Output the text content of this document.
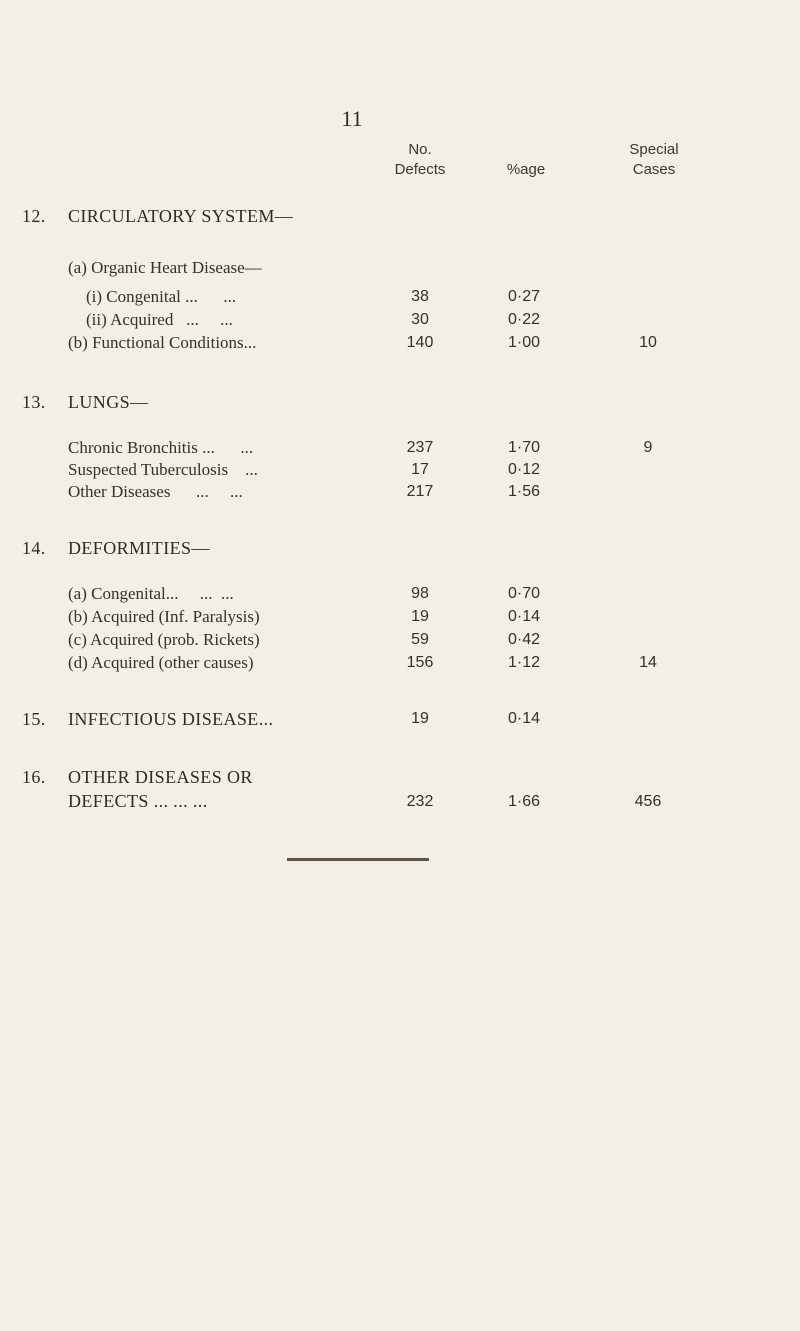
11
No.
Defects	%age
Special
Cases
12. CIRCULATORY SYSTEM—
(a) Organic Heart Disease—
(i) Congenital ...      ...	38	0·27
(ii) Acquired   ...     ...	30	0·22
(b) Functional Conditions...	140	1·00	10
13. LUNGS—
Chronic Bronchitis ...      ...	237	1·70	9
Suspected Tuberculosis    ...	17	0·12
Other Diseases      ...     ...	217	1·56
14. DEFORMITIES—
(a) Congenital...     ...  ...	98	0·70
(b) Acquired (Inf. Paralysis)	19	0·14
(c) Acquired (prob. Rickets)	59	0·42
(d) Acquired (other causes)	156	1·12	14
15. INFECTIOUS DISEASE...	19	0·14
16. OTHER DISEASES OR
DEFECTS ... ... ...	232	1·66	456
